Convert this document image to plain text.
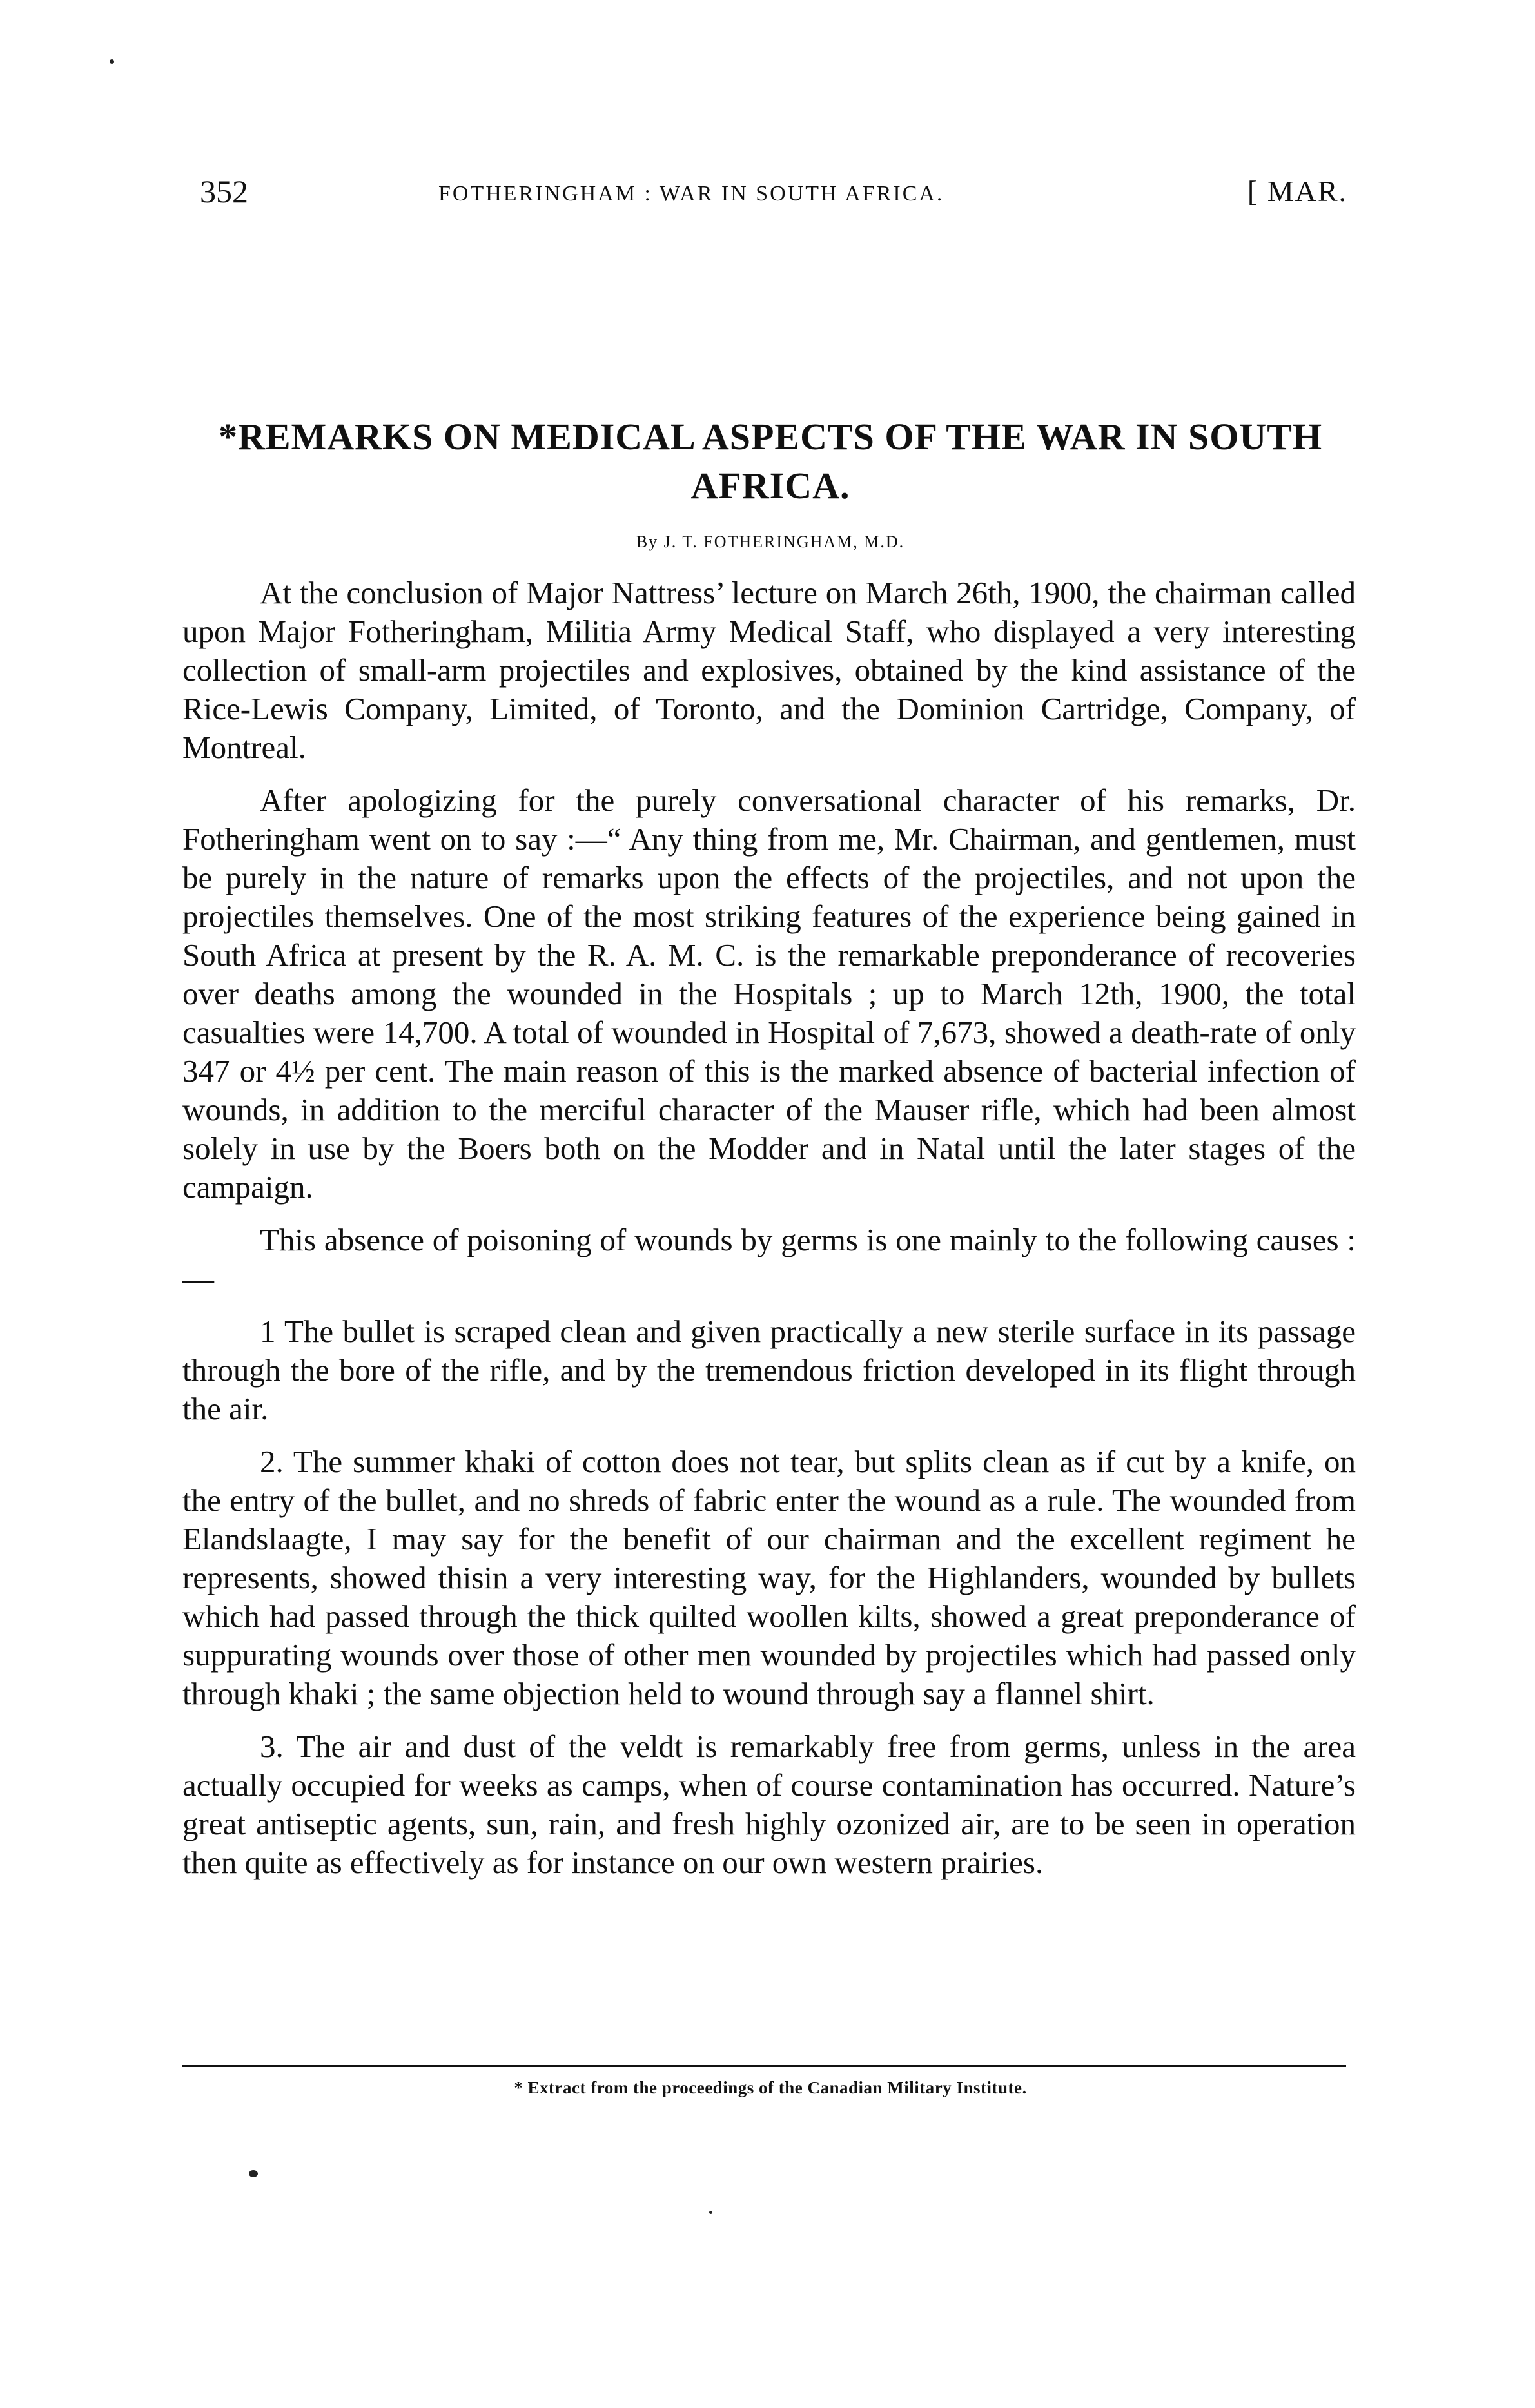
352	FOTHERINGHAM : WAR IN SOUTH AFRICA.	[ MAR.
*REMARKS ON MEDICAL ASPECTS OF THE WAR IN SOUTH AFRICA.
By J. T. FOTHERINGHAM, M.D.

At the conclusion of Major Nattress’ lecture on March 26th, 1900, the chairman called upon Major Fotheringham, Militia Army Medical Staff, who displayed a very interesting collection of small-arm projectiles and explosives, obtained by the kind assistance of the Rice-Lewis Company, Limited, of Toronto, and the Dominion Cartridge, Company, of Montreal.

After apologizing for the purely conversational character of his remarks, Dr. Fotheringham went on to say :—“ Any thing from me, Mr. Chairman, and gentlemen, must be purely in the nature of remarks upon the effects of the projectiles, and not upon the projectiles themselves. One of the most striking features of the experience being gained in South Africa at present by the R. A. M. C. is the remarkable preponderance of recoveries over deaths among the wounded in the Hospitals ; up to March 12th, 1900, the total casualties were 14,700. A total of wounded in Hospital of 7,673, showed a death-rate of only 347 or 4½ per cent. The main reason of this is the marked absence of bacterial infection of wounds, in addition to the merciful character of the Mauser rifle, which had been almost solely in use by the Boers both on the Modder and in Natal until the later stages of the campaign.

This absence of poisoning of wounds by germs is one mainly to the following causes :—

1 The bullet is scraped clean and given practically a new sterile surface in its passage through the bore of the rifle, and by the tremendous friction developed in its flight through the air.

2. The summer khaki of cotton does not tear, but splits clean as if cut by a knife, on the entry of the bullet, and no shreds of fabric enter the wound as a rule. The wounded from Elandslaagte, I may say for the benefit of our chairman and the excellent regiment he represents, showed thisin a very interesting way, for the Highlanders, wounded by bullets which had passed through the thick quilted woollen kilts, showed a great preponderance of suppurating wounds over those of other men wounded by projectiles which had passed only through khaki ; the same objection held to wound through say a flannel shirt.

3. The air and dust of the veldt is remarkably free from germs, unless in the area actually occupied for weeks as camps, when of course contamination has occurred. Nature’s great antiseptic agents, sun, rain, and fresh highly ozonized air, are to be seen in operation then quite as effectively as for instance on our own western prairies.

* Extract from the proceedings of the Canadian Military Institute.
